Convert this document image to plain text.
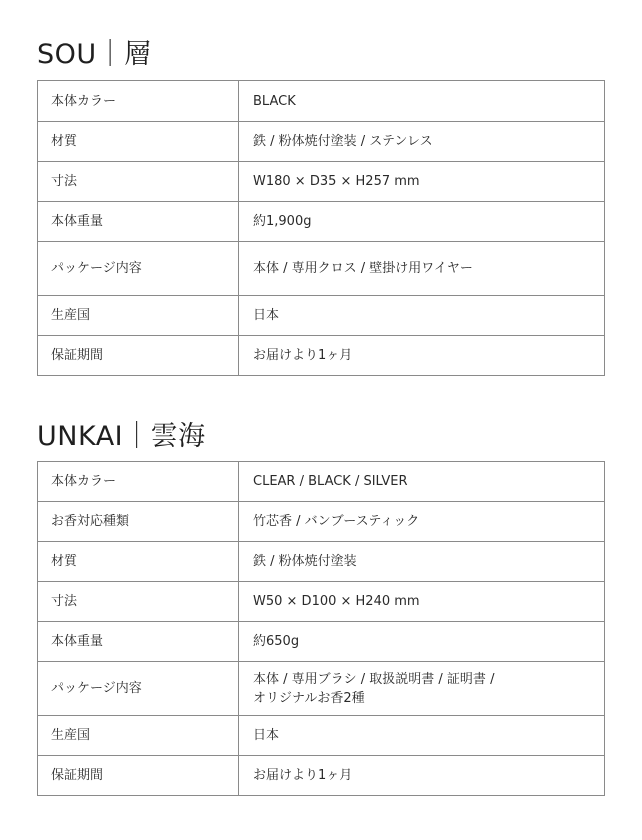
SOU｜層
本体カラー	BLACK
材質	鉄 / 粉体焼付塗装 / ステンレス
寸法	W180 × D35 × H257 mm
本体重量	約1,900g
パッケージ内容	本体 / 専用クロス / 壁掛け用ワイヤー
生産国	日本
保証期間	お届けより1ヶ月
UNKAI｜雲海
本体カラー	CLEAR / BLACK / SILVER
お香対応種類	竹芯香 / バンブースティック
材質	鉄 / 粉体焼付塗装
寸法	W50 × D100 × H240 mm
本体重量	約650g
パッケージ内容	本体 / 専用ブラシ / 取扱説明書 / 証明書 /
オリジナルお香2種
生産国	日本
保証期間	お届けより1ヶ月
